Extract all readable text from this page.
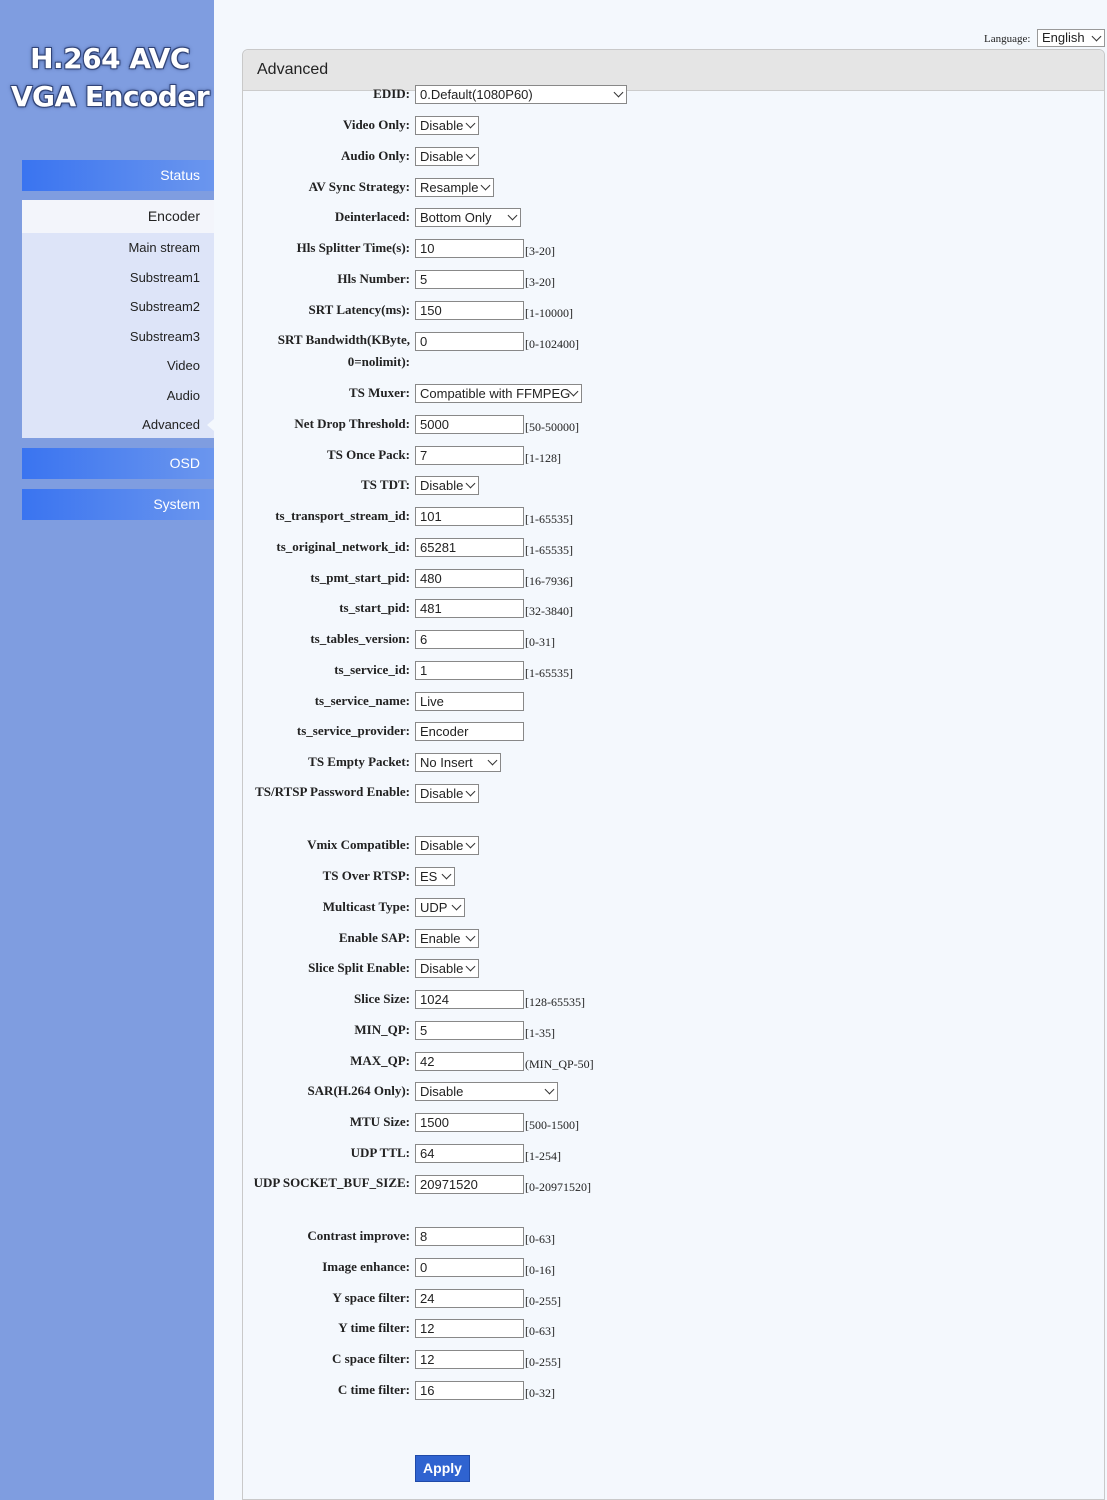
H.264 AVC
VGA Encoder
Status
Encoder
Main stream
Substream1
Substream2
Substream3
Video
Audio
Advanced
OSD
System
Language: English
Advanced
EDID: 0.Default(1080P60)
Video Only: Disable
Audio Only: Disable
AV Sync Strategy: Resample
Deinterlaced: Bottom Only
Hls Splitter Time(s): 10	[3-20]
Hls Number: 5	[3-20]
SRT Latency(ms): 150	[1-10000]
SRT Bandwidth(KByte, 0=nolimit):
0	[0-102400]
TS Muxer: Compatible with FFMPEG
Net Drop Threshold: 5000	[50-50000]
TS Once Pack: 7	[1-128]
TS TDT: Disable
ts_transport_stream_id: 101	[1-65535]
ts_original_network_id: 65281	[1-65535]
ts_pmt_start_pid: 480	[16-7936]
ts_start_pid: 481	[32-3840]
ts_tables_version: 6	[0-31]
ts_service_id: 1	[1-65535]
ts_service_name: Live
ts_service_provider: Encoder
TS Empty Packet: No Insert
TS/RTSP Password Enable: Disable
Vmix Compatible: Disable
TS Over RTSP: ES
Multicast Type: UDP
Enable SAP: Enable
Slice Split Enable: Disable
Slice Size: 1024	[128-65535]
MIN_QP: 5	[1-35]
MAX_QP: 42	(MIN_QP-50]
SAR(H.264 Only): Disable
MTU Size: 1500	[500-1500]
UDP TTL: 64	[1-254]
UDP SOCKET_BUF_SIZE: 20971520	[0-20971520]
Contrast improve: 8	[0-63]
Image enhance: 0	[0-16]
Y space filter: 24	[0-255]
Y time filter: 12	[0-63]
C space filter: 12	[0-255]
C time filter: 16	[0-32]
Apply
